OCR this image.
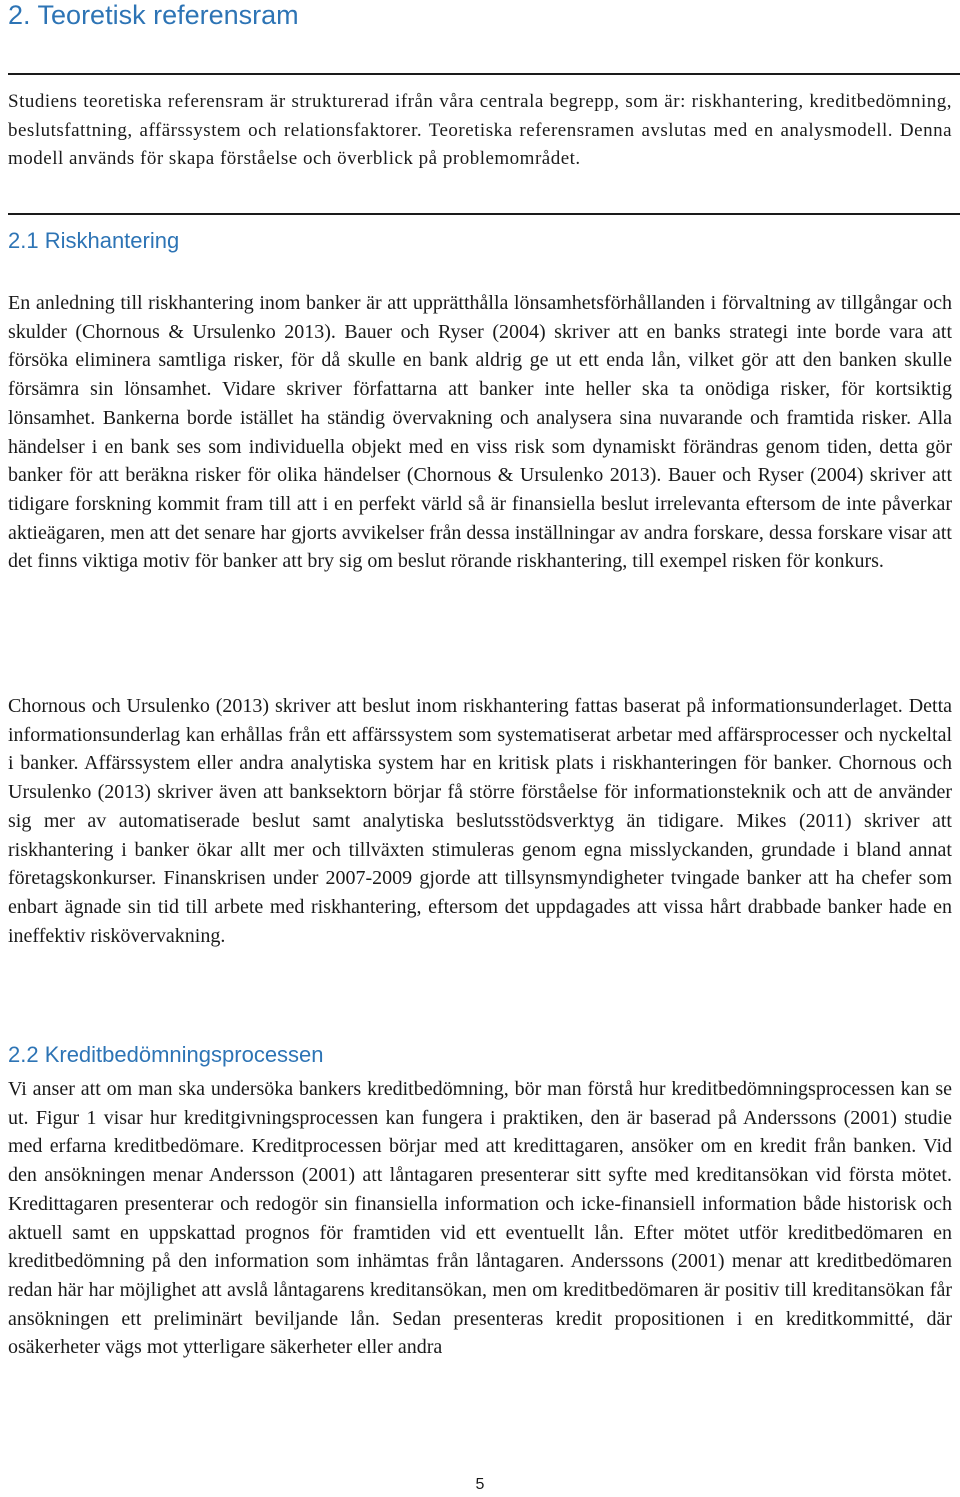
2. Teoretisk referensram

Studiens teoretiska referensram är strukturerad ifrån våra centrala begrepp, som är: riskhantering, kreditbedömning, beslutsfattning, affärssystem och relationsfaktorer. Teoretiska referensramen avslutas med en analysmodell. Denna modell används för skapa förståelse och överblick på problemområdet.

2.1 Riskhantering

En anledning till riskhantering inom banker är att upprätthålla lönsamhetsförhållanden i förvaltning av tillgångar och skulder (Chornous & Ursulenko 2013). Bauer och Ryser (2004) skriver att en banks strategi inte borde vara att försöka eliminera samtliga risker, för då skulle en bank aldrig ge ut ett enda lån, vilket gör att den banken skulle försämra sin lönsamhet. Vidare skriver författarna att banker inte heller ska ta onödiga risker, för kortsiktig lönsamhet. Bankerna borde istället ha ständig övervakning och analysera sina nuvarande och framtida risker. Alla händelser i en bank ses som individuella objekt med en viss risk som dynamiskt förändras genom tiden, detta gör banker för att beräkna risker för olika händelser (Chornous & Ursulenko 2013). Bauer och Ryser (2004) skriver att tidigare forskning kommit fram till att i en perfekt värld så är finansiella beslut irrelevanta eftersom de inte påverkar aktieägaren, men att det senare har gjorts avvikelser från dessa inställningar av andra forskare, dessa forskare visar att det finns viktiga motiv för banker att bry sig om beslut rörande riskhantering, till exempel risken för konkurs.

Chornous och Ursulenko (2013) skriver att beslut inom riskhantering fattas baserat på informationsunderlaget. Detta informationsunderlag kan erhållas från ett affärssystem som systematiserat arbetar med affärsprocesser och nyckeltal i banker. Affärssystem eller andra analytiska system har en kritisk plats i riskhanteringen för banker. Chornous och Ursulenko (2013) skriver även att banksektorn börjar få större förståelse för informationsteknik och att de använder sig mer av automatiserade beslut samt analytiska beslutsstödsverktyg än tidigare. Mikes (2011) skriver att riskhantering i banker ökar allt mer och tillväxten stimuleras genom egna misslyckanden, grundade i bland annat företagskonkurser. Finanskrisen under 2007-2009 gjorde att tillsynsmyndigheter tvingade banker att ha chefer som enbart ägnade sin tid till arbete med riskhantering, eftersom det uppdagades att vissa hårt drabbade banker hade en ineffektiv riskövervakning.

2.2 Kreditbedömningsprocessen

Vi anser att om man ska undersöka bankers kreditbedömning, bör man förstå hur kreditbedömningsprocessen kan se ut. Figur 1 visar hur kreditgivningsprocessen kan fungera i praktiken, den är baserad på Anderssons (2001) studie med erfarna kreditbedömare. Kreditprocessen börjar med att kredittagaren, ansöker om en kredit från banken. Vid den ansökningen menar Andersson (2001) att låntagaren presenterar sitt syfte med kreditansökan vid första mötet. Kredittagaren presenterar och redogör sin finansiella information och icke-finansiell information både historisk och aktuell samt en uppskattad prognos för framtiden vid ett eventuellt lån. Efter mötet utför kreditbedömaren en kreditbedömning på den information som inhämtas från låntagaren. Anderssons (2001) menar att kreditbedömaren redan här har möjlighet att avslå låntagarens kreditansökan, men om kreditbedömaren är positiv till kreditansökan får ansökningen ett preliminärt beviljande lån. Sedan presenteras kredit propositionen i en kreditkommitté, där osäkerheter vägs mot ytterligare säkerheter eller andra

5
